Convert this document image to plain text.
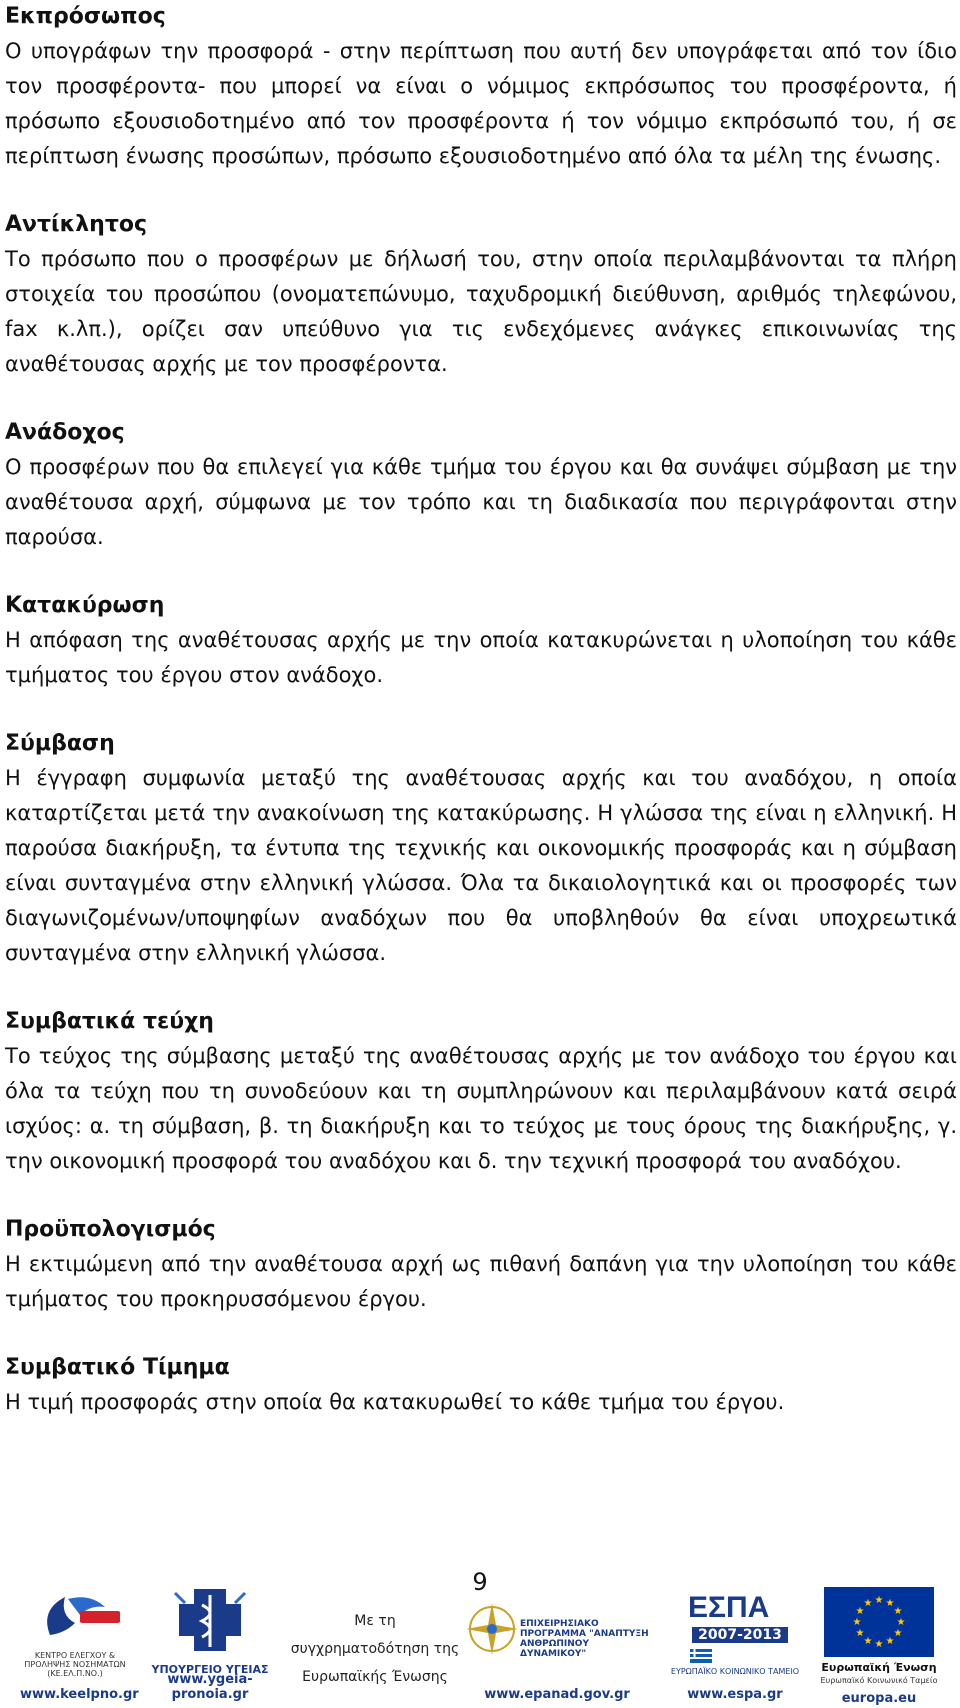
Εκπρόσωπος

Ο υπογράφων την προσφορά - στην περίπτωση που αυτή δεν υπογράφεται από τον ίδιο τον προσφέροντα- που μπορεί να είναι ο νόμιμος εκπρόσωπος του προσφέροντα, ή πρόσωπο εξουσιοδοτημένο από τον προσφέροντα ή τον νόμιμο εκπρόσωπό του, ή σε περίπτωση ένωσης προσώπων, πρόσωπο εξουσιοδοτημένο από όλα τα μέλη της ένωσης.

Αντίκλητος

Το πρόσωπο που ο προσφέρων με δήλωσή του, στην οποία περιλαμβάνονται τα πλήρη στοιχεία του προσώπου (ονοματεπώνυμο, ταχυδρομική διεύθυνση, αριθμός τηλεφώνου, fax κ.λπ.), ορίζει σαν υπεύθυνο για τις ενδεχόμενες ανάγκες επικοινωνίας της αναθέτουσας αρχής με τον προσφέροντα.

Ανάδοχος

Ο προσφέρων που θα επιλεγεί για κάθε τμήμα του έργου και θα συνάψει σύμβαση με την αναθέτουσα αρχή, σύμφωνα με τον τρόπο και τη διαδικασία που περιγράφονται στην παρούσα.

Κατακύρωση

Η απόφαση της αναθέτουσας αρχής με την οποία κατακυρώνεται η υλοποίηση του κάθε τμήματος του έργου στον ανάδοχο.

Σύμβαση

Η έγγραφη συμφωνία μεταξύ της αναθέτουσας αρχής και του αναδόχου, η οποία καταρτίζεται μετά την ανακοίνωση της κατακύρωσης. Η γλώσσα της είναι η ελληνική. Η παρούσα διακήρυξη, τα έντυπα της τεχνικής και οικονομικής προσφοράς και η σύμβαση είναι συνταγμένα στην ελληνική γλώσσα. Όλα τα δικαιολογητικά και οι προσφορές των διαγωνιζομένων/υποψηφίων αναδόχων που θα υποβληθούν θα είναι υποχρεωτικά συνταγμένα στην ελληνική γλώσσα.

Συμβατικά τεύχη

Το τεύχος της σύμβασης μεταξύ της αναθέτουσας αρχής με τον ανάδοχο του έργου και όλα τα τεύχη που τη συνοδεύουν και τη συμπληρώνουν και περιλαμβάνουν κατά σειρά ισχύος: α. τη σύμβαση, β. τη διακήρυξη και το τεύχος με τους όρους της διακήρυξης, γ. την οικονομική προσφορά του αναδόχου και δ. την τεχνική προσφορά του αναδόχου.

Προϋπολογισμός

Η εκτιμώμενη από την αναθέτουσα αρχή ως πιθανή δαπάνη για την υλοποίηση του κάθε τμήματος του προκηρυσσόμενου έργου.

Συμβατικό Τίμημα

Η τιμή προσφοράς στην οποία θα κατακυρωθεί το κάθε τμήμα του έργου.

9
ΚΕΝΤΡΟ ΕΛΕΓΧΟΥ & ΠΡΟΛΗΨΗΣ ΝΟΣΗΜΑΤΩΝ (ΚΕ.ΕΛ.Π.ΝΟ.)
www.keelpno.gr
ΥΠΟΥΡΓΕΙΟ ΥΓΕΙΑΣ
www.ygeia-pronoia.gr
Με τη
συγχρηματοδότηση της
Ευρωπαϊκής Ένωσης
ΕΠΙΧΕΙΡΗΣΙΑΚΟ ΠΡΟΓΡΑΜΜΑ "ΑΝΑΠΤΥΞΗ ΑΝΘΡΩΠΙΝΟΥ ΔΥΝΑΜΙΚΟΥ"
www.epanad.gov.gr
ΕΣΠΑ
2007-2013
ΕΥΡΩΠΑΪΚΟ ΚΟΙΝΩΝΙΚΟ ΤΑΜΕΙΟ
www.espa.gr
★ ★
★
★
★
★
★
★
★
★
★
★
Ευρωπαϊκή Ένωση
Ευρωπαϊκό Κοινωνικό Ταμείο
europa.eu
